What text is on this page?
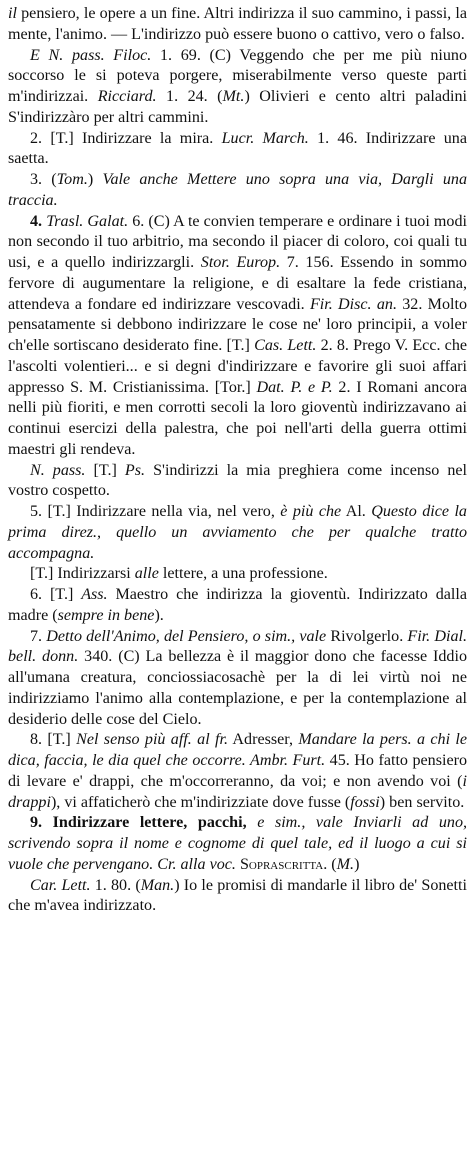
il pensiero, le opere a un fine. Altri indirizza il suo cammino, i passi, la mente, l'animo. — L'indirizzo può essere buono o cattivo, vero o falso.

E N. pass. Filoc. 1. 69. (C) Veggendo che per me più niuno soccorso le si poteva porgere, miserabilmente verso queste parti m'indirizzai. Ricciard. 1. 24. (Mt.) Olivieri e cento altri paladini S'indirizzàro per altri cammini.

2. [T.] Indirizzare la mira. Lucr. March. 1. 46. Indirizzare una saetta.

3. (Tom.) Vale anche Mettere uno sopra una via, Dargli una traccia.

4. Trasl. Galat. 6. (C) A te convien temperare e ordinare i tuoi modi non secondo il tuo arbitrio, ma secondo il piacer di coloro, coi quali tu usi, e a quello indirizzargli. Stor. Europ. 7. 156. Essendo in sommo fervore di augumentare la religione, e di esaltare la fede cristiana, attendeva a fondare ed indirizzare vescovadi. Fir. Disc. an. 32. Molto pensatamente si debbono indirizzare le cose ne' loro principii, a voler ch'elle sortiscano desiderato fine. [T.] Cas. Lett. 2. 8. Prego V. Ecc. che l'ascolti volentieri... e si degni d'indirizzare e favorire gli suoi affari appresso S. M. Cristianissima. [Tor.] Dat. P. e P. 2. I Romani ancora nelli più fioriti, e men corrotti secoli la loro gioventù indirizzavano ai continui esercizi della palestra, che poi nell'arti della guerra ottimi maestri gli rendeva.

N. pass. [T.] Ps. S'indirizzi la mia preghiera come incenso nel vostro cospetto.

5. [T.] Indirizzare nella via, nel vero, è più che Al. Questo dice la prima direz., quello un avviamento che per qualche tratto accompagna.

[T.] Indirizzarsi alle lettere, a una professione.

6. [T.] Ass. Maestro che indirizza la gioventù. Indirizzato dalla madre (sempre in bene).

7. Detto dell'Animo, del Pensiero, o sim., vale Rivolgerlo. Fir. Dial. bell. donn. 340. (C) La bellezza è il maggior dono che facesse Iddio all'umana creatura, conciossiacosachè per la di lei virtù noi ne indirizziamo l'animo alla contemplazione, e per la contemplazione al desiderio delle cose del Cielo.

8. [T.] Nel senso più aff. al fr. Adresser, Mandare la pers. a chi le dica, faccia, le dia quel che occorre. Ambr. Furt. 45. Ho fatto pensiero di levare e' drappi, che m'occorreranno, da voi; e non avendo voi (i drappi), vi affaticherò che m'indirizziate dove fusse (fossi) ben servito.

9. Indirizzare lettere, pacchi, e sim., vale Inviarli ad uno, scrivendo sopra il nome e cognome di quel tale, ed il luogo a cui si vuole che pervengano. Cr. alla voc. Soprascritta. (M.)

Car. Lett. 1. 80. (Man.) Io le promisi di mandarle il libro de' Sonetti che m'avea indirizzato.
